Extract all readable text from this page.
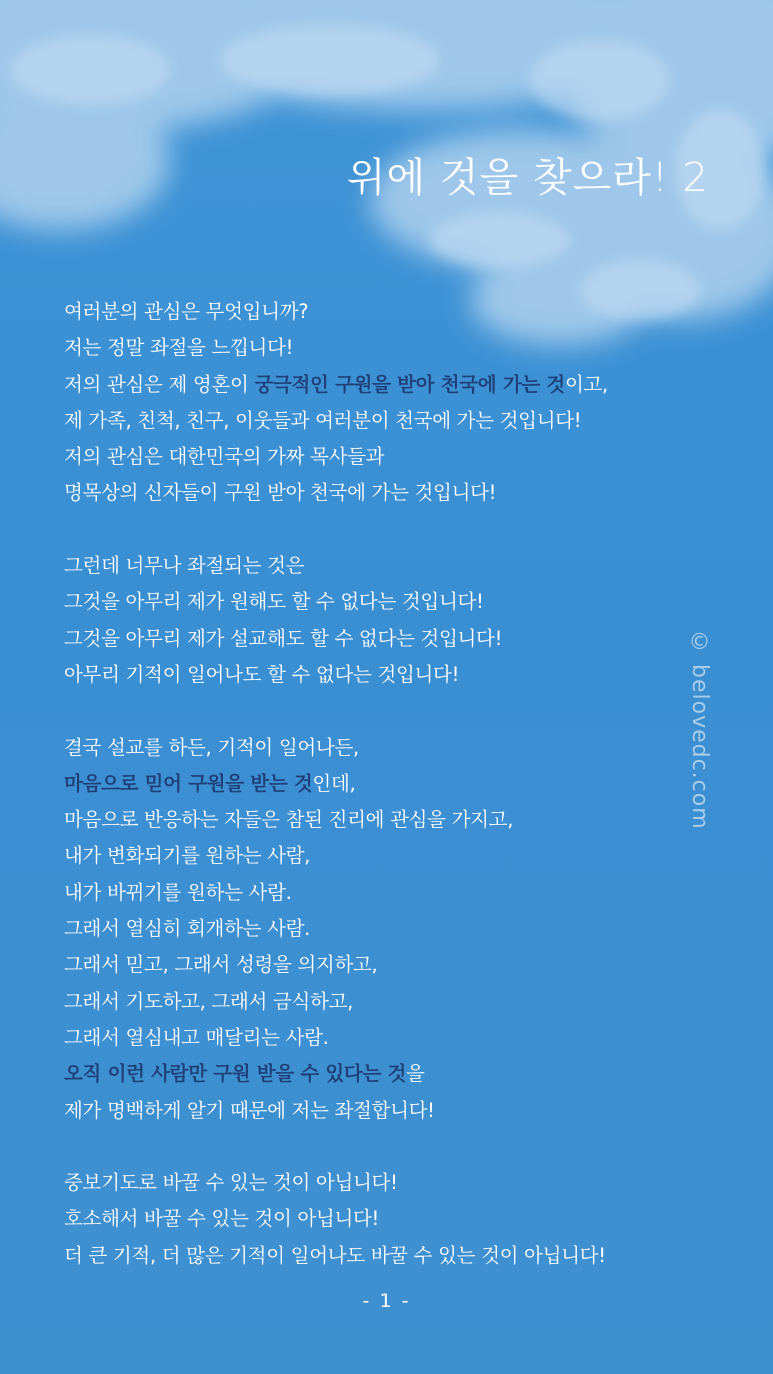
위에 것을 찾으라! 2
여러분의 관심은 무엇입니까?
저는 정말 좌절을 느낍니다!
저의 관심은 제 영혼이 궁극적인 구원을 받아 천국에 가는 것이고,
제 가족, 친척, 친구, 이웃들과 여러분이 천국에 가는 것입니다!
저의 관심은 대한민국의 가짜 목사들과
명목상의 신자들이 구원 받아 천국에 가는 것입니다!
그런데 너무나 좌절되는 것은
그것을 아무리 제가 원해도 할 수 없다는 것입니다!
그것을 아무리 제가 설교해도 할 수 없다는 것입니다!
아무리 기적이 일어나도 할 수 없다는 것입니다!
결국 설교를 하든, 기적이 일어나든,
마음으로 믿어 구원을 받는 것인데,
마음으로 반응하는 자들은 참된 진리에 관심을 가지고,
내가 변화되기를 원하는 사람,
내가 바뀌기를 원하는 사람.
그래서 열심히 회개하는 사람.
그래서 믿고, 그래서 성령을 의지하고,
그래서 기도하고, 그래서 금식하고,
그래서 열심내고 매달리는 사람.
오직 이런 사람만 구원 받을 수 있다는 것을
제가 명백하게 알기 때문에 저는 좌절합니다!
중보기도로 바꿀 수 있는 것이 아닙니다!
호소해서 바꿀 수 있는 것이 아닙니다!
더 큰 기적, 더 많은 기적이 일어나도 바꿀 수 있는 것이 아닙니다!
© belovedc.com
- 1 -
